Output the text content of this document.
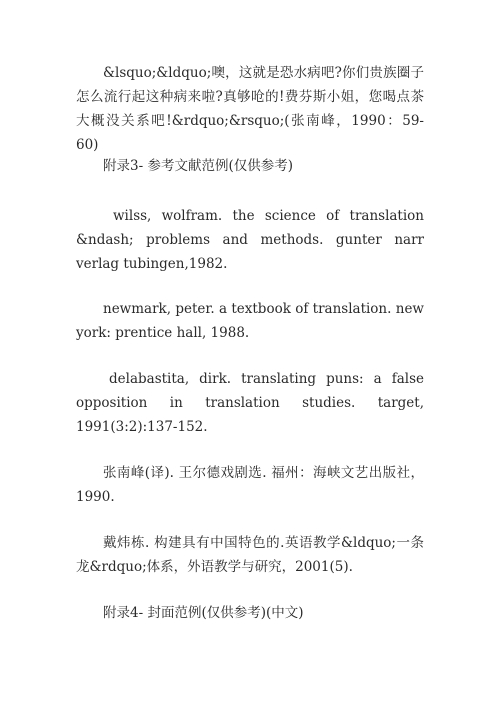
&lsquo;&ldquo;噢，这就是恐水病吧?你们贵族圈子怎么流行起这种病来啦?真够呛的!费芬斯小姐，您喝点茶大概没关系吧!&rdquo;&rsquo;(张南峰，1990：59-60)

附录3- 参考文献范例(仅供参考)

wilss, wolfram. the science of translation &ndash; problems and methods. gunter narr verlag tubingen,1982.

newmark, peter. a textbook of translation. new york: prentice hall, 1988.

delabastita, dirk. translating puns: a false opposition in translation studies. target, 1991(3:2):137-152.

张南峰(译). 王尔德戏剧选. 福州：海峡文艺出版社，1990.

戴炜栋. 构建具有中国特色的.英语教学&ldquo;一条龙&rdquo;体系，外语教学与研究，2001(5).

附录4- 封面范例(仅供参考)(中文)
